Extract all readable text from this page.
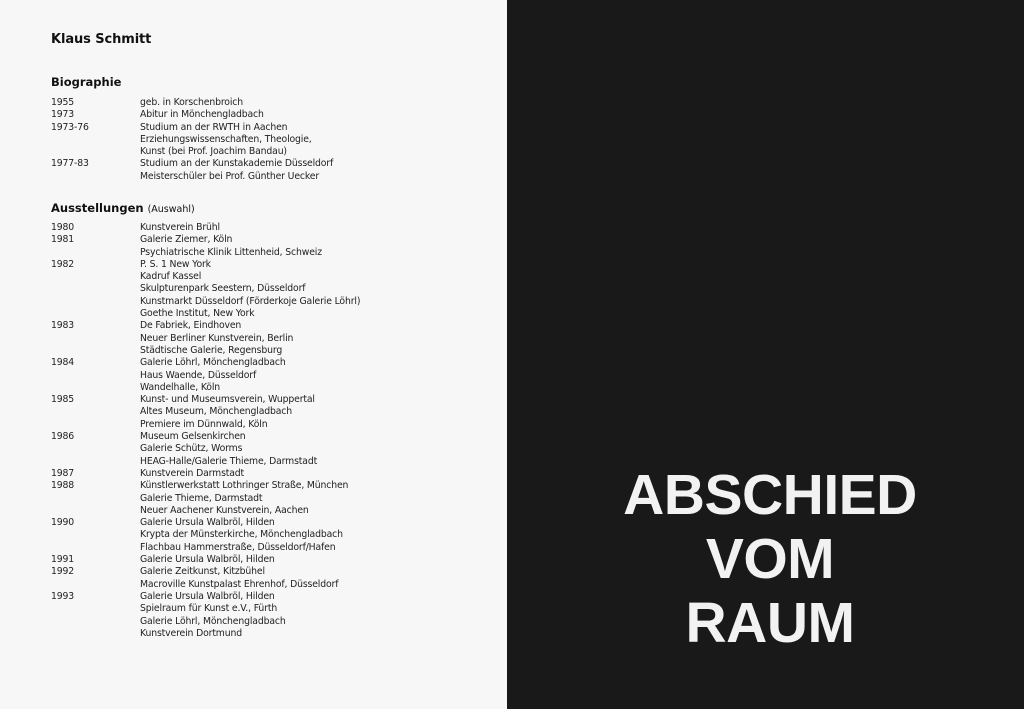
Klaus Schmitt
Biographie
1955	geb. in Korschenbroich
1973	Abitur in Mönchengladbach
1973-76	Studium an der RWTH in Aachen
Erziehungswissenschaften, Theologie,
Kunst (bei Prof. Joachim Bandau)
1977-83	Studium an der Kunstakademie Düsseldorf
Meisterschüler bei Prof. Günther Uecker
Ausstellungen (Auswahl)
1980	Kunstverein Brühl
1981	Galerie Ziemer, Köln
Psychiatrische Klinik Littenheid, Schweiz
1982	P. S. 1 New York
Kadruf Kassel
Skulpturenpark Seestern, Düsseldorf
Kunstmarkt Düsseldorf (Förderkoje Galerie Löhrl)
Goethe Institut, New York
1983	De Fabriek, Eindhoven
Neuer Berliner Kunstverein, Berlin
Städtische Galerie, Regensburg
1984	Galerie Löhrl, Mönchengladbach
Haus Waende, Düsseldorf
Wandelhalle, Köln
1985	Kunst- und Museumsverein, Wuppertal
Altes Museum, Mönchengladbach
Premiere im Dünnwald, Köln
1986	Museum Gelsenkirchen
Galerie Schütz, Worms
HEAG-Halle/Galerie Thieme, Darmstadt
1987	Kunstverein Darmstadt
1988	Künstlerwerkstatt Lothringer Straße, München
Galerie Thieme, Darmstadt
Neuer Aachener Kunstverein, Aachen
1990	Galerie Ursula Walbröl, Hilden
Krypta der Münsterkirche, Mönchengladbach
Flachbau Hammerstraße, Düsseldorf/Hafen
1991	Galerie Ursula Walbröl, Hilden
1992	Galerie Zeitkunst, Kitzbühel
Macroville Kunstpalast Ehrenhof, Düsseldorf
1993	Galerie Ursula Walbröl, Hilden
Spielraum für Kunst e.V., Fürth
Galerie Löhrl, Mönchengladbach
Kunstverein Dortmund
ABSCHIED
VOM
RAUM
